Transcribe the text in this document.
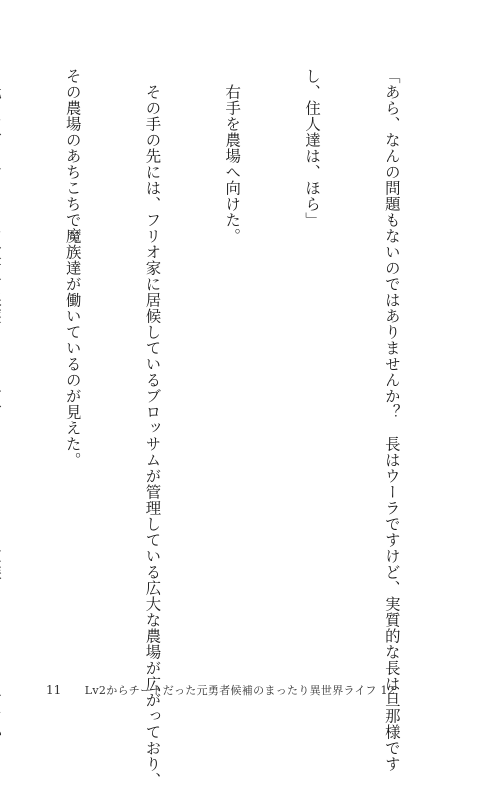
「あら、なんの問題もないのではありませんか？　長はウーラですけど、実質的な長は旦那様です

し、住人達は、ほら」

　右手を農場へ向けた。

　その手の先には、フリオ家に居候しているブロッサムが管理している広大な農場が広がっており、

その農場のあちこちで魔族達が働いているのが見えた。

11 Lv2からチートだった元勇者候補のまったり異世界ライフ 12
